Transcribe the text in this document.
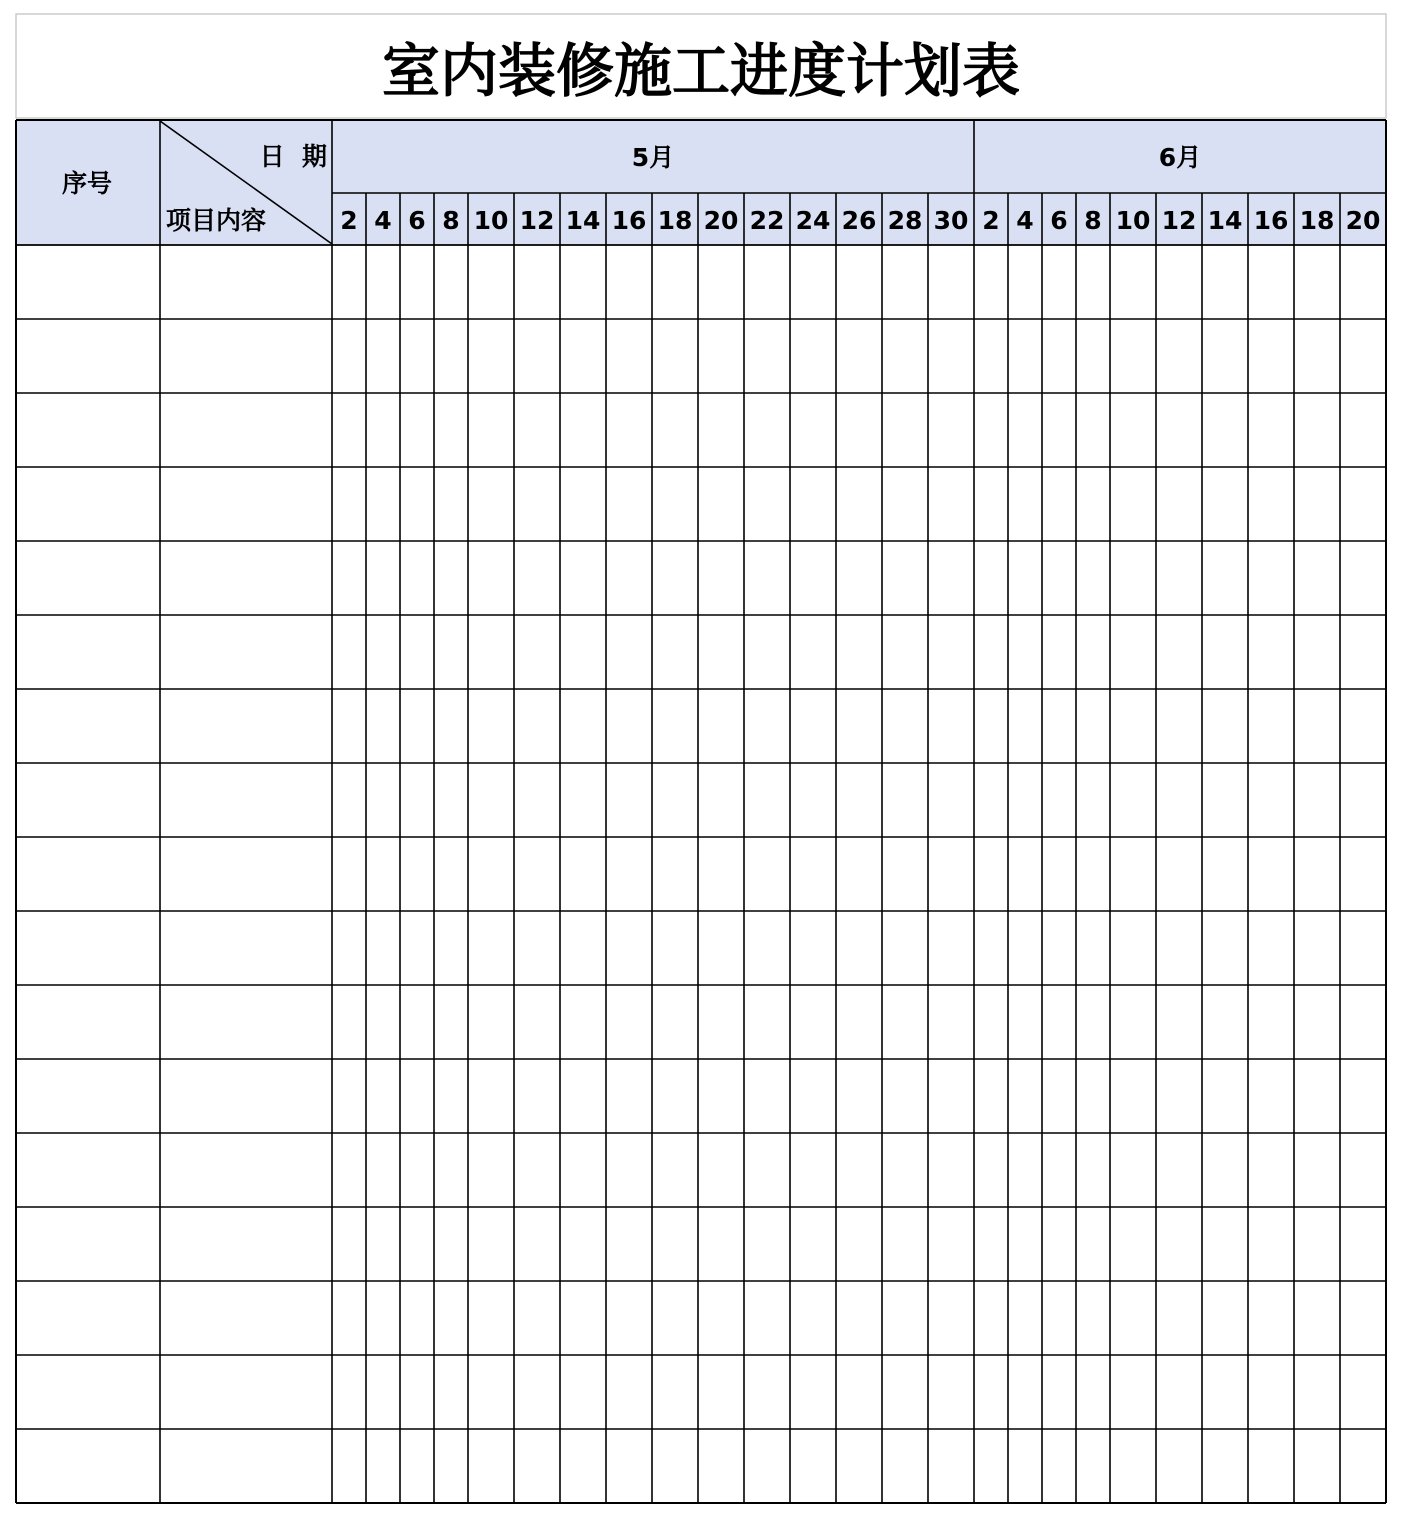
室内装修施工进度计划表
序号
日  期
项目内容
5月	6月
2 4 6 8 10 12 14 16 18 20 22 24 26 28 30 2 4 6 8 10 12 14 16 18 20
